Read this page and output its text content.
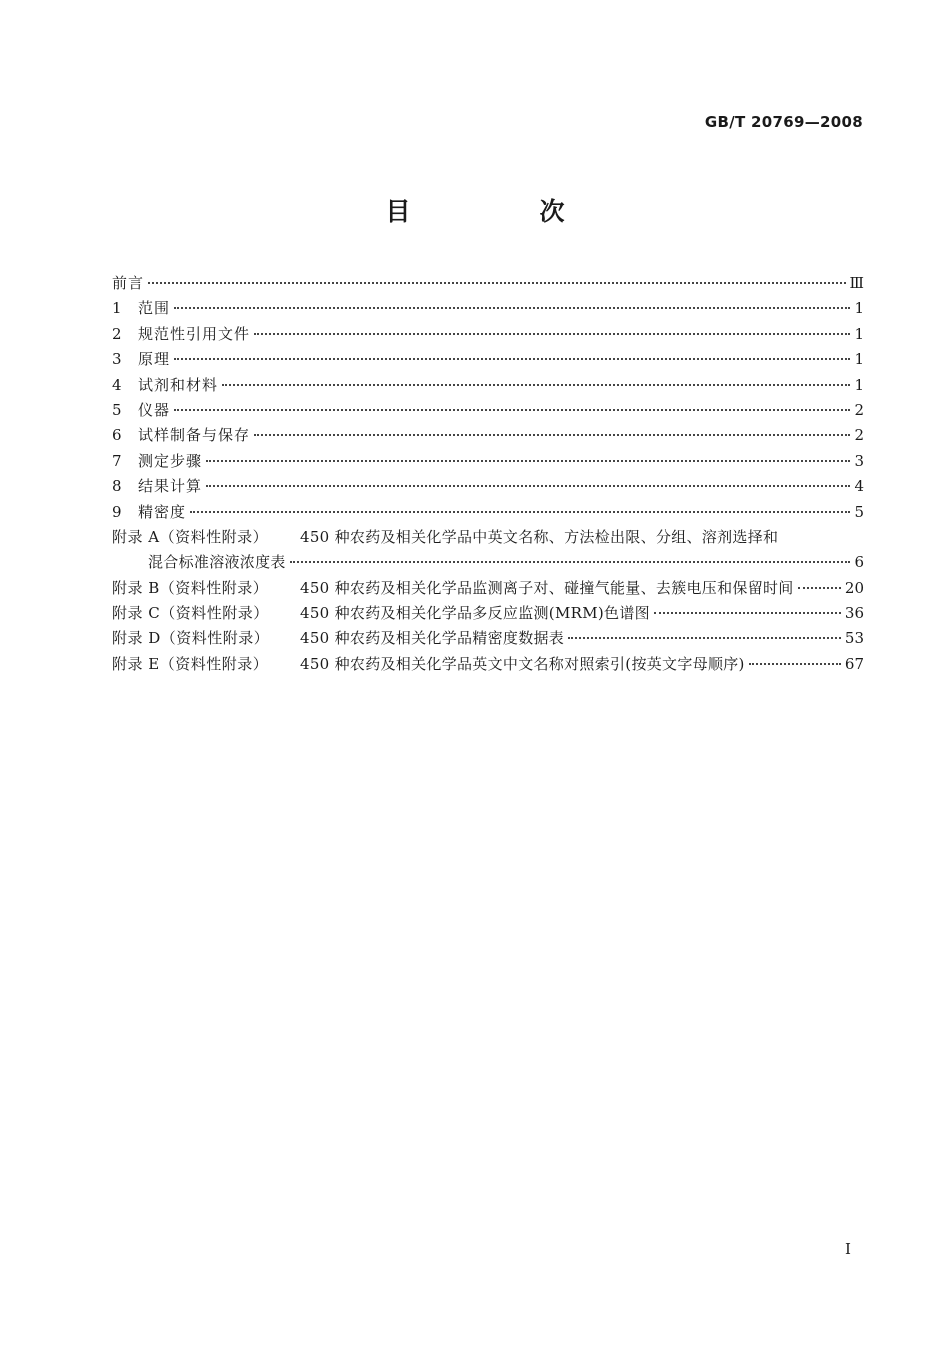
GB/T 20769—2008
目　次
前言	Ⅲ
1	范围	1
2	规范性引用文件	1
3	原理	1
4	试剂和材料	1
5	仪器	2
6	试样制备与保存	2
7	测定步骤	3
8	结果计算	4
9	精密度	5
附录 A（资料性附录）	450 种农药及相关化学品中英文名称、方法检出限、分组、溶剂选择和
混合标准溶液浓度表	6
附录 B（资料性附录）	450 种农药及相关化学品监测离子对、碰撞气能量、去簇电压和保留时间	20
附录 C（资料性附录）	450 种农药及相关化学品多反应监测(MRM)色谱图	36
附录 D（资料性附录）	450 种农药及相关化学品精密度数据表	53
附录 E（资料性附录）	450 种农药及相关化学品英文中文名称对照索引(按英文字母顺序)	67
I
